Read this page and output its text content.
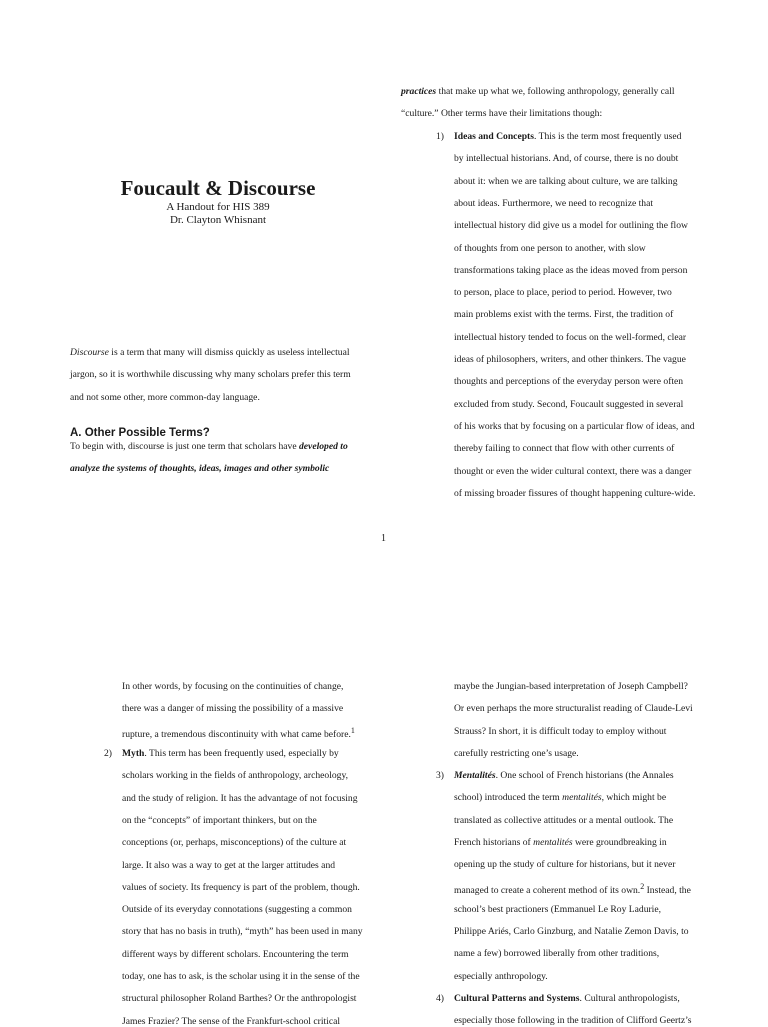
Foucault & Discourse
A Handout for HIS 389
Dr. Clayton Whisnant
Discourse is a term that many will dismiss quickly as useless intellectual
jargon, so it is worthwhile discussing why many scholars prefer this term
and not some other, more common-day language.
A. Other Possible Terms?
To begin with, discourse is just one term that scholars have developed to
analyze the systems of thoughts, ideas, images and other symbolic
practices that make up what we, following anthropology, generally call
“culture.” Other terms have their limitations though:
1) Ideas and Concepts. This is the term most frequently used
by intellectual historians. And, of course, there is no doubt
about it: when we are talking about culture, we are talking
about ideas. Furthermore, we need to recognize that
intellectual history did give us a model for outlining the flow
of thoughts from one person to another, with slow
transformations taking place as the ideas moved from person
to person, place to place, period to period. However, two
main problems exist with the terms. First, the tradition of
intellectual history tended to focus on the well-formed, clear
ideas of philosophers, writers, and other thinkers. The vague
thoughts and perceptions of the everyday person were often
excluded from study. Second, Foucault suggested in several
of his works that by focusing on a particular flow of ideas, and
thereby failing to connect that flow with other currents of
thought or even the wider cultural context, there was a danger
of missing broader fissures of thought happening culture-wide.
1
In other words, by focusing on the continuities of change,
there was a danger of missing the possibility of a massive
rupture, a tremendous discontinuity with what came before.$^1$
2) Myth. This term has been frequently used, especially by
scholars working in the fields of anthropology, archeology,
and the study of religion. It has the advantage of not focusing
on the “concepts” of important thinkers, but on the
conceptions (or, perhaps, misconceptions) of the culture at
large. It also was a way to get at the larger attitudes and
values of society. Its frequency is part of the problem, though.
Outside of its everyday connotations (suggesting a common
story that has no basis in truth), “myth” has been used in many
different ways by different scholars. Encountering the term
today, one has to ask, is the scholar using it in the sense of the
structural philosopher Roland Barthes? Or the anthropologist
James Frazier? The sense of the Frankfurt-school critical
maybe the Jungian-based interpretation of Joseph Campbell?
Or even perhaps the more structuralist reading of Claude-Levi
Strauss? In short, it is difficult today to employ without
carefully restricting one’s usage.
3) Mentalités. One school of French historians (the Annales
school) introduced the term mentalités, which might be
translated as collective attitudes or a mental outlook. The
French historians of mentalités were groundbreaking in
opening up the study of culture for historians, but it never
managed to create a coherent method of its own.$^2$ Instead, the
school’s best practioners (Emmanuel Le Roy Ladurie,
Philippe Ariés, Carlo Ginzburg, and Natalie Zemon Davis, to
name a few) borrowed liberally from other traditions,
especially anthropology.
4) Cultural Patterns and Systems. Cultural anthropologists,
especially those following in the tradition of Clifford Geertz’s
